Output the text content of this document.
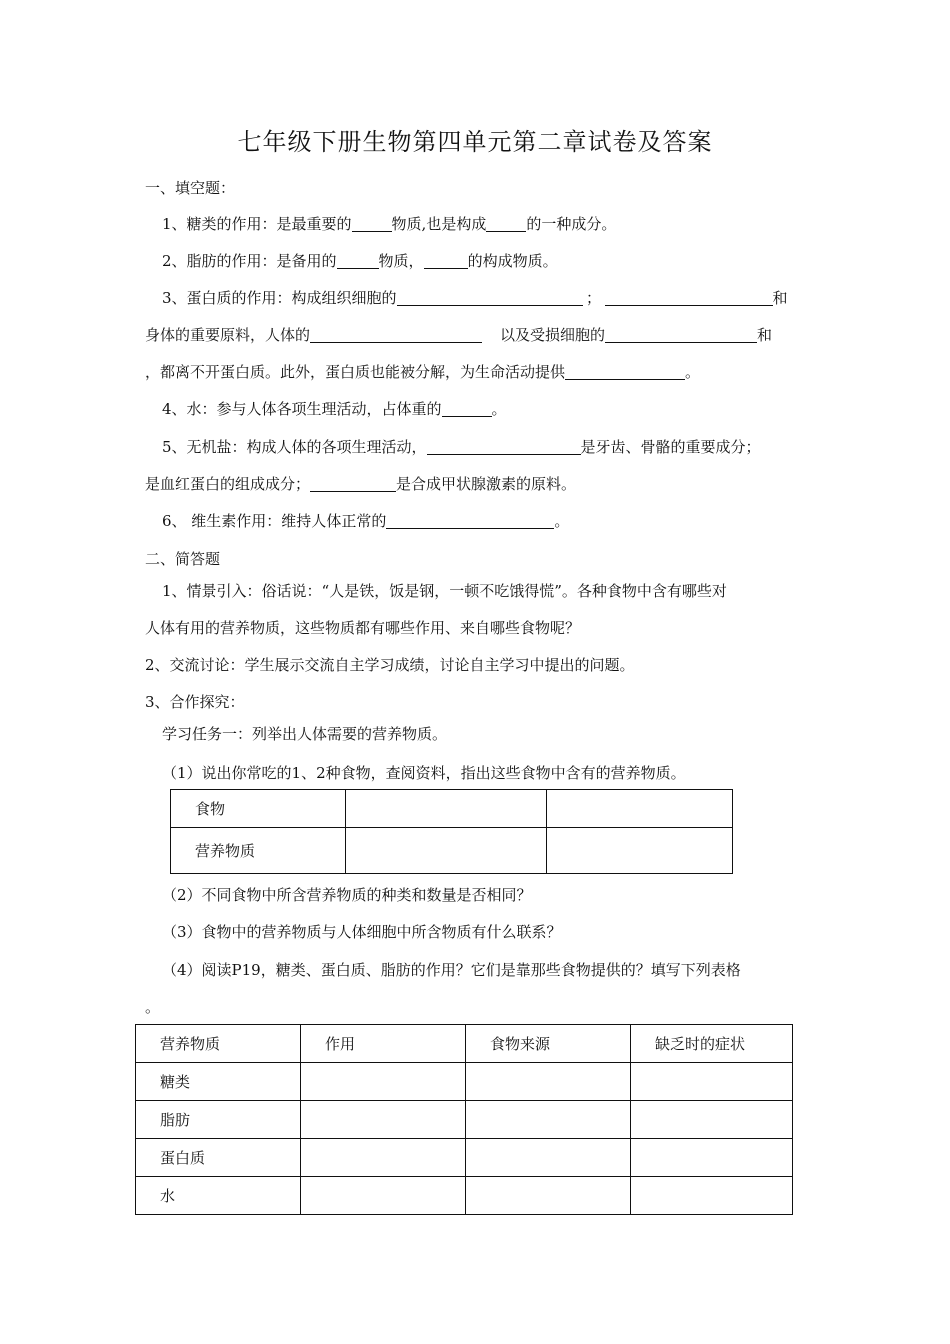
七年级下册生物第四单元第二章试卷及答案
一、填空题：
1、糖类的作用：是最重要的	物质,也是构成	的一种成分。
2、脂肪的作用：是备用的	物质，	的构成物质。
3、蛋白质的作用：构成组织细胞的	；	和
身体的重要原料，人体的	以及受损细胞的	和
，都离不开蛋白质。此外，蛋白质也能被分解，为生命活动提供	。
4、水：参与人体各项生理活动，占体重的	。
5、无机盐：构成人体的各项生理活动，	是牙齿、骨骼的重要成分；
是血红蛋白的组成成分；	是合成甲状腺激素的原料。
6、 维生素作用：维持人体正常的	。
二、简答题
1、情景引入：俗话说：“人是铁，饭是钢，一顿不吃饿得慌”。各种食物中含有哪些对
人体有用的营养物质，这些物质都有哪些作用、来自哪些食物呢？
2、交流讨论：学生展示交流自主学习成绩，讨论自主学习中提出的问题。
3、合作探究：
学习任务一：列举出人体需要的营养物质。
（1）说出你常吃的1、2种食物，查阅资料，指出这些食物中含有的营养物质。
食物		
营养物质		
（2）不同食物中所含营养物质的种类和数量是否相同？
（3）食物中的营养物质与人体细胞中所含物质有什么联系？
（4）阅读P19，糖类、蛋白质、脂肪的作用？它们是靠那些食物提供的？填写下列表格
。
营养物质	作用	食物来源	缺乏时的症状
糖类			
脂肪			
蛋白质			
水			
